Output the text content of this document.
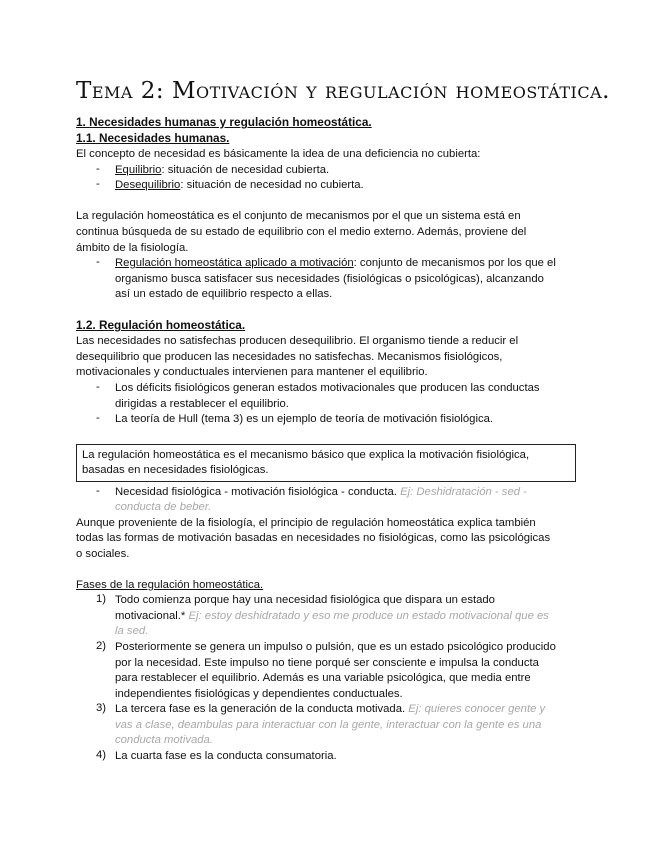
Tema 2: Motivación y regulación homeostática.
1. Necesidades humanas y regulación homeostática.
1.1. Necesidades humanas.
El concepto de necesidad es básicamente la idea de una deficiencia no cubierta:
- Equilibrio: situación de necesidad cubierta.
- Desequilibrio: situación de necesidad no cubierta.
La regulación homeostática es el conjunto de mecanismos por el que un sistema está en
continua búsqueda de su estado de equilibrio con el medio externo. Además, proviene del
ámbito de la fisiología.
- Regulación homeostática aplicado a motivación: conjunto de mecanismos por los que el
organismo busca satisfacer sus necesidades (fisiológicas o psicológicas), alcanzando
así un estado de equilibrio respecto a ellas.
1.2. Regulación homeostática.
Las necesidades no satisfechas producen desequilibrio. El organismo tiende a reducir el
desequilibrio que producen las necesidades no satisfechas. Mecanismos fisiológicos,
motivacionales y conductuales intervienen para mantener el equilibrio.
- Los déficits fisiológicos generan estados motivacionales que producen las conductas
dirigidas a restablecer el equilibrio.
- La teoría de Hull (tema 3) es un ejemplo de teoría de motivación fisiológica.
La regulación homeostática es el mecanismo básico que explica la motivación fisiológica,
basadas en necesidades fisiológicas.
- Necesidad fisiológica - motivación fisiológica - conducta. Ej: Deshidratación - sed -
conducta de beber.
Aunque proveniente de la fisiología, el principio de regulación homeostática explica también
todas las formas de motivación basadas en necesidades no fisiológicas, como las psicológicas
o sociales.
Fases de la regulación homeostática.
1) Todo comienza porque hay una necesidad fisiológica que dispara un estado
motivacional.* Ej: estoy deshidratado y eso me produce un estado motivacional que es
la sed.
2) Posteriormente se genera un impulso o pulsión, que es un estado psicológico producido
por la necesidad. Este impulso no tiene porqué ser consciente e impulsa la conducta
para restablecer el equilibrio. Además es una variable psicológica, que media entre
independientes fisiológicas y dependientes conductuales.
3) La tercera fase es la generación de la conducta motivada. Ej: quieres conocer gente y
vas a clase, deambulas para interactuar con la gente, interactuar con la gente es una
conducta motivada.
4) La cuarta fase es la conducta consumatoria.
